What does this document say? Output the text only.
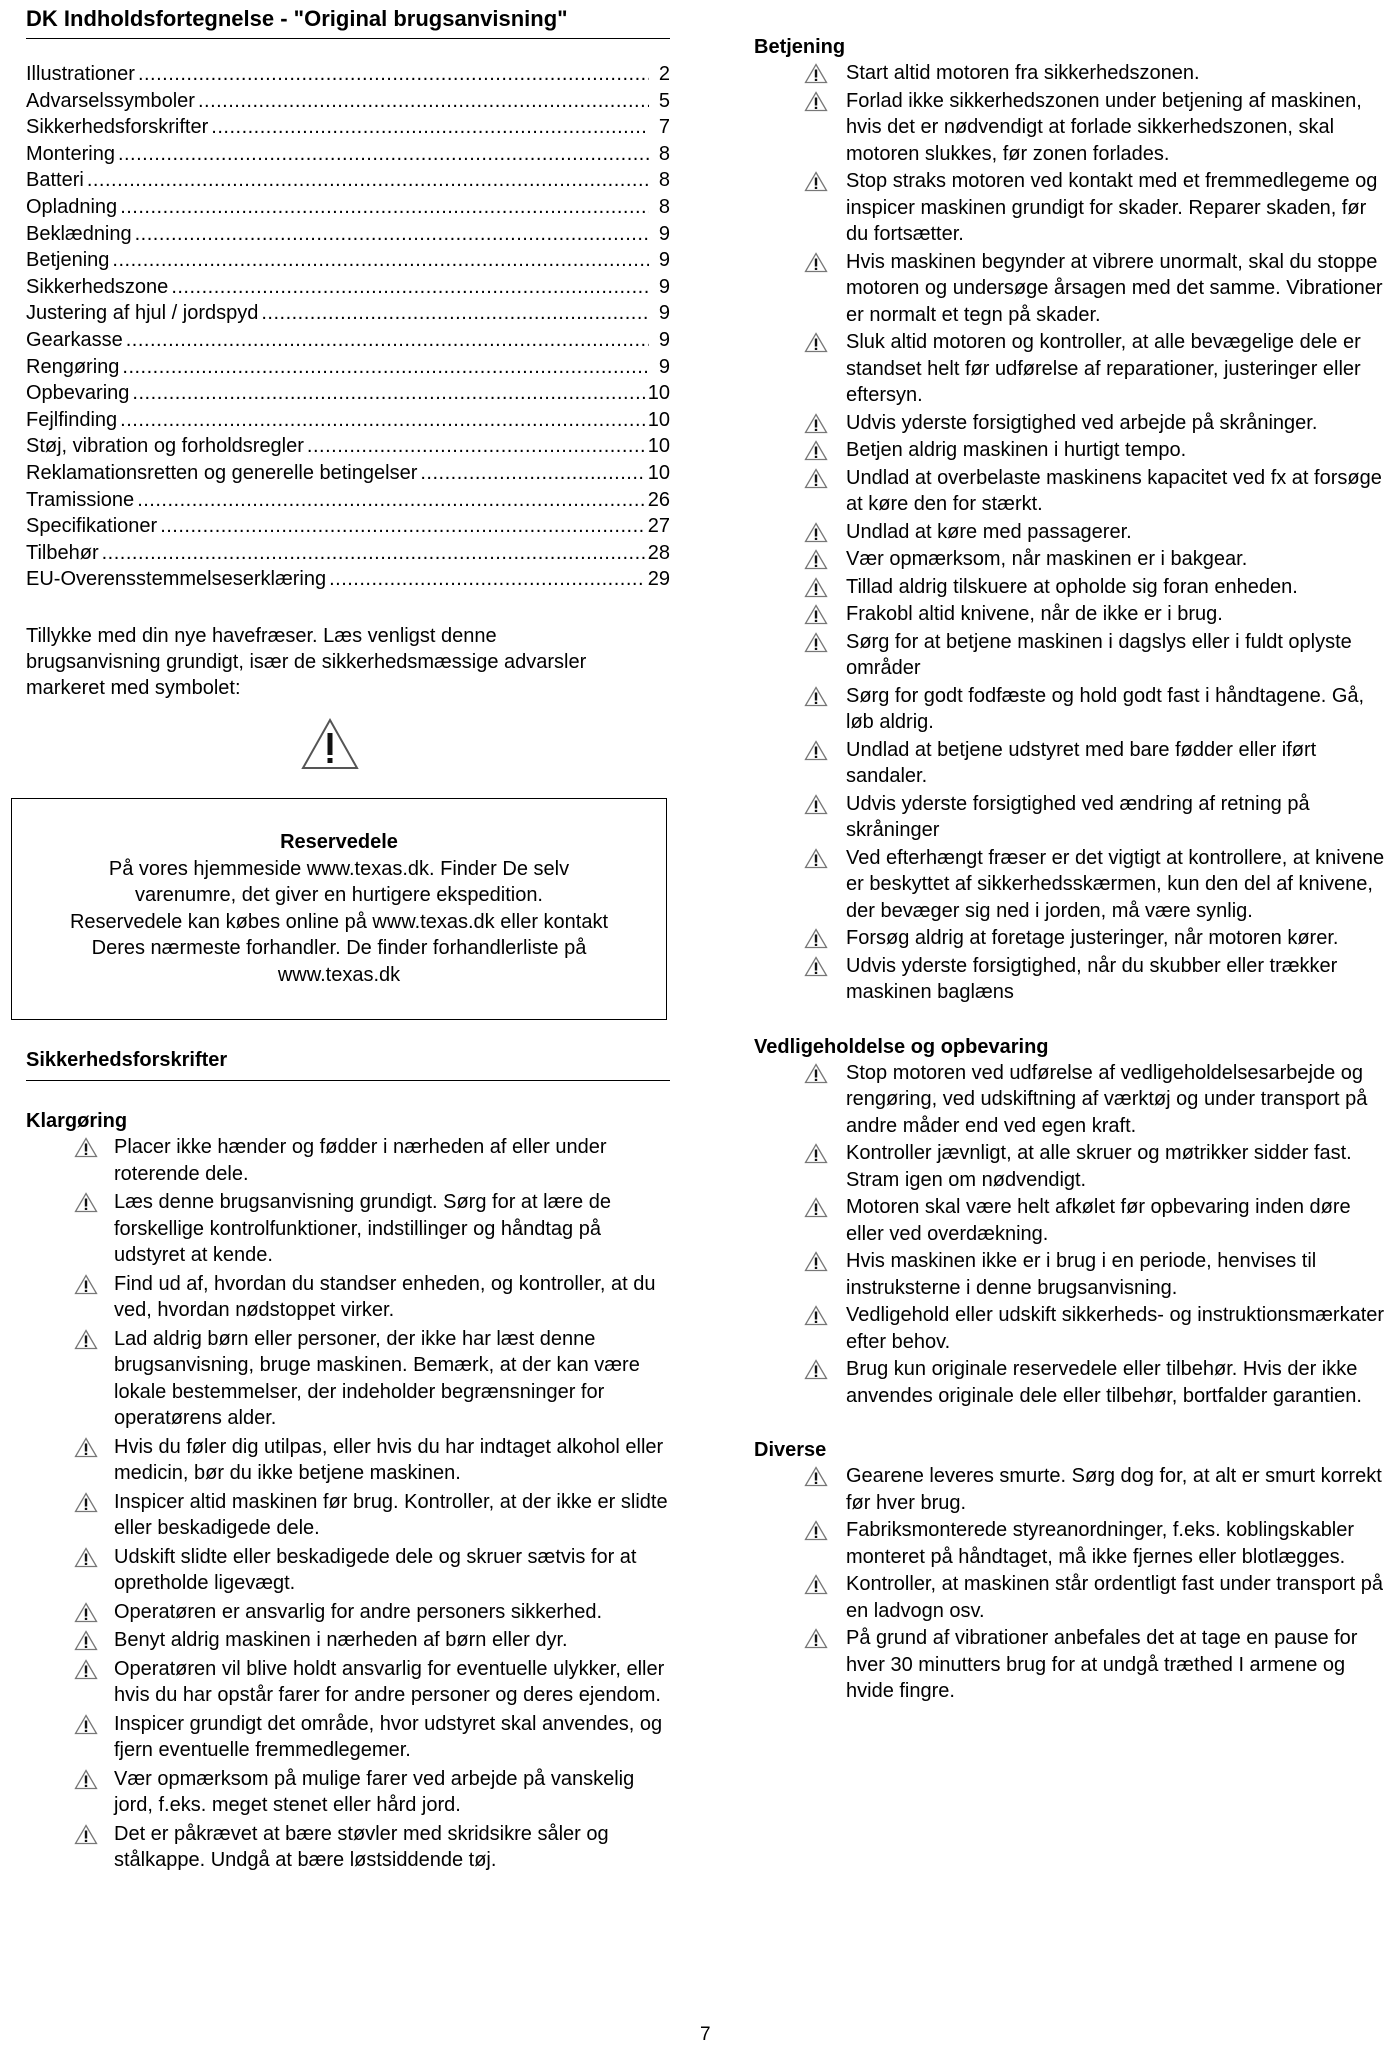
DK Indholdsfortegnelse - "Original brugsanvisning"
Illustrationer .....	2
Advarselssymboler .....	5
Sikkerhedsforskrifter .....	7
Montering .....	8
Batteri .....	8
Opladning .....	8
Beklædning .....	9
Betjening .....	9
Sikkerhedszone .....	9
Justering af hjul / jordspyd .....	9
Gearkasse .....	9
Rengøring .....	9
Opbevaring .....	10
Fejlfinding .....	10
Støj, vibration og forholdsregler .....	10
Reklamationsretten og generelle betingelser .....	10
Tramissione .....	26
Specifikationer .....	27
Tilbehør .....	28
EU-Overensstemmelseserklæring .....	29
Tillykke med din nye havefræser. Læs venligst denne brugsanvisning grundigt, især de sikkerhedsmæssige advarsler markeret med symbolet:
Reservedele
På vores hjemmeside www.texas.dk. Finder De selv
varenumre, det giver en hurtigere ekspedition.
Reservedele kan købes online på www.texas.dk eller kontakt
Deres nærmeste forhandler. De finder forhandlerliste på
www.texas.dk
Sikkerhedsforskrifter
Klargøring
Placer ikke hænder og fødder i nærheden af eller under roterende dele.
Læs denne brugsanvisning grundigt. Sørg for at lære de forskellige kontrolfunktioner, indstillinger og håndtag på udstyret at kende.
Find ud af, hvordan du standser enheden, og kontroller, at du ved, hvordan nødstoppet virker.
Lad aldrig børn eller personer, der ikke har læst denne brugsanvisning, bruge maskinen. Bemærk, at der kan være lokale bestemmelser, der indeholder begrænsninger for operatørens alder.
Hvis du føler dig utilpas, eller hvis du har indtaget alkohol eller medicin, bør du ikke betjene maskinen.
Inspicer altid maskinen før brug. Kontroller, at der ikke er slidte eller beskadigede dele.
Udskift slidte eller beskadigede dele og skruer sætvis for at opretholde ligevægt.
Operatøren er ansvarlig for andre personers sikkerhed.
Benyt aldrig maskinen i nærheden af børn eller dyr.
Operatøren vil blive holdt ansvarlig for eventuelle ulykker, eller hvis du har opstår farer for andre personer og deres ejendom.
Inspicer grundigt det område, hvor udstyret skal anvendes, og fjern eventuelle fremmedlegemer.
Vær opmærksom på mulige farer ved arbejde på vanskelig jord, f.eks. meget stenet eller hård jord.
Det er påkrævet at bære støvler med skridsikre såler og stålkappe. Undgå at bære løstsiddende tøj.
Betjening
Start altid motoren fra sikkerhedszonen.
Forlad ikke sikkerhedszonen under betjening af maskinen, hvis det er nødvendigt at forlade sikkerhedszonen, skal motoren slukkes, før zonen forlades.
Stop straks motoren ved kontakt med et fremmedlegeme og inspicer maskinen grundigt for skader. Reparer skaden, før du fortsætter.
Hvis maskinen begynder at vibrere unormalt, skal du stoppe motoren og undersøge årsagen med det samme. Vibrationer er normalt et tegn på skader.
Sluk altid motoren og kontroller, at alle bevægelige dele er standset helt før udførelse af reparationer, justeringer eller eftersyn.
Udvis yderste forsigtighed ved arbejde på skråninger.
Betjen aldrig maskinen i hurtigt tempo.
Undlad at overbelaste maskinens kapacitet ved fx at forsøge at køre den for stærkt.
Undlad at køre med passagerer.
Vær opmærksom, når maskinen er i bakgear.
Tillad aldrig tilskuere at opholde sig foran enheden.
Frakobl altid knivene, når de ikke er i brug.
Sørg for at betjene maskinen i dagslys eller i fuldt oplyste områder
Sørg for godt fodfæste og hold godt fast i håndtagene. Gå, løb aldrig.
Undlad at betjene udstyret med bare fødder eller iført sandaler.
Udvis yderste forsigtighed ved ændring af retning på skråninger
Ved efterhængt fræser er det vigtigt at kontrollere, at knivene er beskyttet af sikkerhedsskærmen, kun den del af knivene, der bevæger sig ned i jorden, må være synlig.
Forsøg aldrig at foretage justeringer, når motoren kører.
Udvis yderste forsigtighed, når du skubber eller trækker maskinen baglæns
Vedligeholdelse og opbevaring
Stop motoren ved udførelse af vedligeholdelsesarbejde og rengøring, ved udskiftning af værktøj og under transport på andre måder end ved egen kraft.
Kontroller jævnligt, at alle skruer og møtrikker sidder fast. Stram igen om nødvendigt.
Motoren skal være helt afkølet før opbevaring inden døre eller ved overdækning.
Hvis maskinen ikke er i brug i en periode, henvises til instruksterne i denne brugsanvisning.
Vedligehold eller udskift sikkerheds- og instruktionsmærkater efter behov.
Brug kun originale reservedele eller tilbehør. Hvis der ikke anvendes originale dele eller tilbehør, bortfalder garantien.
Diverse
Gearene leveres smurte. Sørg dog for, at alt er smurt korrekt før hver brug.
Fabriksmonterede styreanordninger, f.eks. koblingskabler monteret på håndtaget, må ikke fjernes eller blotlægges.
Kontroller, at maskinen står ordentligt fast under transport på en ladvogn osv.
På grund af vibrationer anbefales det at tage en pause for hver 30 minutters brug for at undgå træthed I armene og hvide fingre.
7
